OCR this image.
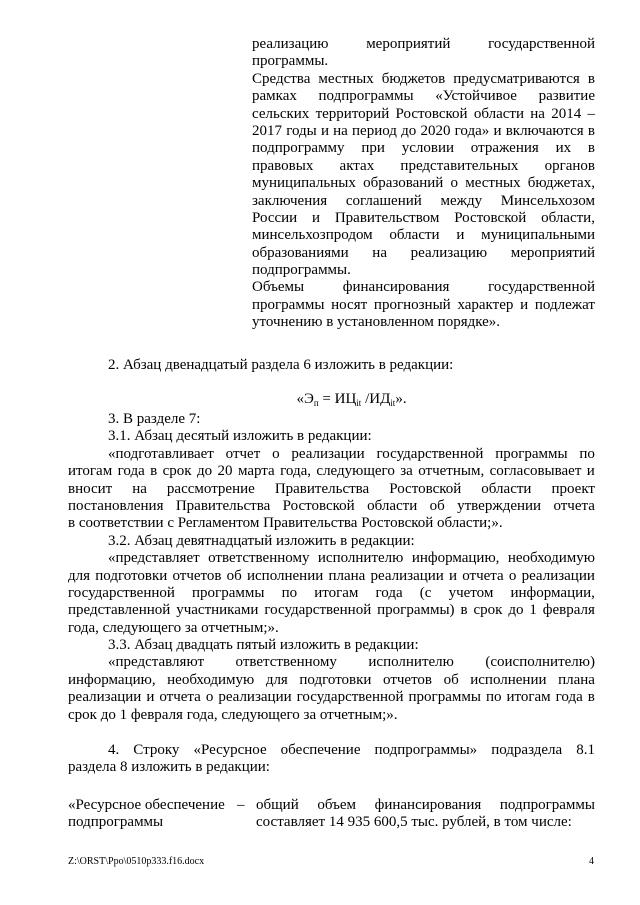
реализацию	мероприятий	государственной
программы.
Средства местных бюджетов предусматриваются в
рамках подпрограммы «Устойчивое развитие
сельских территорий Ростовской области на 2014 –
2017 годы и на период до 2020 года» и включаются в
подпрограмму при условии отражения их в
правовых актах представительных органов
муниципальных образований о местных бюджетах,
заключения соглашений между Минсельхозом
России и Правительством Ростовской области,
минсельхозпродом области и муниципальными
образованиями на реализацию мероприятий
подпрограммы.
Объемы	финансирования	государственной
программы носят прогнозный характер и подлежат
уточнению в установленном порядке».
2. Абзац двенадцатый раздела 6 изложить в редакции:
«$Э_п = ИЦ_{it}$ $/ИД_{it}$».
3. В разделе 7:
3.1. Абзац десятый изложить в редакции:
«подготавливает отчет о реализации государственной программы по
итогам года в срок до 20 марта года, следующего за отчетным, согласовывает и
вносит на рассмотрение Правительства Ростовской области проект
постановления Правительства Ростовской области об утверждении отчета
в соответствии с Регламентом Правительства Ростовской области;».
3.2. Абзац девятнадцатый изложить в редакции:
«представляет ответственному исполнителю информацию, необходимую
для подготовки отчетов об исполнении плана реализации и отчета о реализации
государственной программы по итогам года (с учетом информации,
представленной участниками государственной программы) в срок до 1 февраля
года, следующего за отчетным;».
3.3. Абзац двадцать пятый изложить в редакции:
«представляют ответственному исполнителю (соисполнителю)
информацию, необходимую для подготовки отчетов об исполнении плана
реализации и отчета о реализации государственной программы по итогам года в
срок до 1 февраля года, следующего за отчетным;».
4. Строку «Ресурсное обеспечение подпрограммы» подраздела 8.1
раздела 8 изложить в редакции:
«Ресурсное обеспечение
подпрограммы
– общий объем финансирования подпрограммы
составляет 14 935 600,5 тыс. рублей, в том числе:
Z:\ORST\Ppo\0510p333.f16.docx	4
